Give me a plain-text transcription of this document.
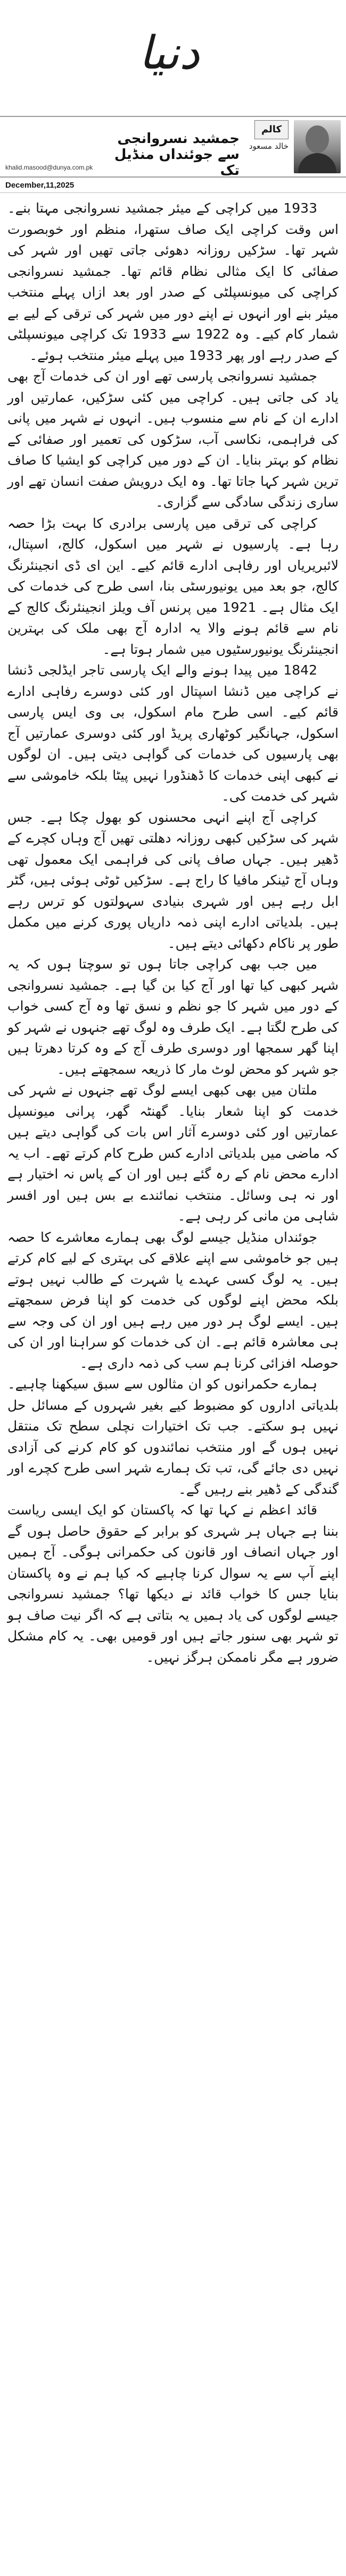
دنیا
کالم
خالد مسعود
جمشید نسروانجی سے جوئنداں منڈیل تک
khalid.masood@dunya.com.pk
December,11,2025

1933 میں کراچی کے میئر جمشید نسروانجی مہتا بنے۔ اس وقت کراچی ایک صاف ستھرا، منظم اور خوبصورت شہر تھا۔ سڑکیں روزانہ دھوئی جاتی تھیں اور شہر کی صفائی کا ایک مثالی نظام قائم تھا۔ جمشید نسروانجی کراچی کی میونسپلٹی کے صدر اور بعد ازاں پہلے منتخب میئر بنے اور انہوں نے اپنے دور میں شہر کی ترقی کے لیے بے شمار کام کیے۔ وہ 1922 سے 1933 تک کراچی میونسپلٹی کے صدر رہے اور پھر 1933 میں پہلے میئر منتخب ہوئے۔

جمشید نسروانجی پارسی تھے اور ان کی خدمات آج بھی یاد کی جاتی ہیں۔ کراچی میں کئی سڑکیں، عمارتیں اور ادارے ان کے نام سے منسوب ہیں۔ انہوں نے شہر میں پانی کی فراہمی، نکاسی آب، سڑکوں کی تعمیر اور صفائی کے نظام کو بہتر بنایا۔ ان کے دور میں کراچی کو ایشیا کا صاف ترین شہر کہا جاتا تھا۔ وہ ایک درویش صفت انسان تھے اور ساری زندگی سادگی سے گزاری۔

کراچی کی ترقی میں پارسی برادری کا بہت بڑا حصہ رہا ہے۔ پارسیوں نے شہر میں اسکول، کالج، اسپتال، لائبریریاں اور رفاہی ادارے قائم کیے۔ این ای ڈی انجینئرنگ کالج، جو بعد میں یونیورسٹی بنا، اسی طرح کی خدمات کی ایک مثال ہے۔ 1921 میں پرنس آف ویلز انجینئرنگ کالج کے نام سے قائم ہونے والا یہ ادارہ آج بھی ملک کی بہترین انجینئرنگ یونیورسٹیوں میں شمار ہوتا ہے۔

1842 میں پیدا ہونے والے ایک پارسی تاجر ایڈلجی ڈنشا نے کراچی میں ڈنشا اسپتال اور کئی دوسرے رفاہی ادارے قائم کیے۔ اسی طرح مام اسکول، بی وی ایس پارسی اسکول، جہانگیر کوٹھاری پریڈ اور کئی دوسری عمارتیں آج بھی پارسیوں کی خدمات کی گواہی دیتی ہیں۔ ان لوگوں نے کبھی اپنی خدمات کا ڈھنڈورا نہیں پیٹا بلکہ خاموشی سے شہر کی خدمت کی۔

کراچی آج اپنے انہی محسنوں کو بھول چکا ہے۔ جس شہر کی سڑکیں کبھی روزانہ دھلتی تھیں آج وہاں کچرے کے ڈھیر ہیں۔ جہاں صاف پانی کی فراہمی ایک معمول تھی وہاں آج ٹینکر مافیا کا راج ہے۔ سڑکیں ٹوٹی ہوئی ہیں، گٹر ابل رہے ہیں اور شہری بنیادی سہولتوں کو ترس رہے ہیں۔ بلدیاتی ادارے اپنی ذمہ داریاں پوری کرنے میں مکمل طور پر ناکام دکھائی دیتے ہیں۔

میں جب بھی کراچی جاتا ہوں تو سوچتا ہوں کہ یہ شہر کبھی کیا تھا اور آج کیا بن گیا ہے۔ جمشید نسروانجی کے دور میں شہر کا جو نظم و نسق تھا وہ آج کسی خواب کی طرح لگتا ہے۔ ایک طرف وہ لوگ تھے جنہوں نے شہر کو اپنا گھر سمجھا اور دوسری طرف آج کے وہ کرتا دھرتا ہیں جو شہر کو محض لوٹ مار کا ذریعہ سمجھتے ہیں۔

ملتان میں بھی کبھی ایسے لوگ تھے جنہوں نے شہر کی خدمت کو اپنا شعار بنایا۔ گھنٹہ گھر، پرانی میونسپل عمارتیں اور کئی دوسرے آثار اس بات کی گواہی دیتے ہیں کہ ماضی میں بلدیاتی ادارے کس طرح کام کرتے تھے۔ اب یہ ادارے محض نام کے رہ گئے ہیں اور ان کے پاس نہ اختیار ہے اور نہ ہی وسائل۔ منتخب نمائندے بے بس ہیں اور افسر شاہی من مانی کر رہی ہے۔

جوئنداں منڈیل جیسے لوگ بھی ہمارے معاشرے کا حصہ ہیں جو خاموشی سے اپنے علاقے کی بہتری کے لیے کام کرتے ہیں۔ یہ لوگ کسی عہدے یا شہرت کے طالب نہیں ہوتے بلکہ محض اپنے لوگوں کی خدمت کو اپنا فرض سمجھتے ہیں۔ ایسے لوگ ہر دور میں رہے ہیں اور ان کی وجہ سے ہی معاشرہ قائم ہے۔ ان کی خدمات کو سراہنا اور ان کی حوصلہ افزائی کرنا ہم سب کی ذمہ داری ہے۔

ہمارے حکمرانوں کو ان مثالوں سے سبق سیکھنا چاہیے۔ بلدیاتی اداروں کو مضبوط کیے بغیر شہروں کے مسائل حل نہیں ہو سکتے۔ جب تک اختیارات نچلی سطح تک منتقل نہیں ہوں گے اور منتخب نمائندوں کو کام کرنے کی آزادی نہیں دی جائے گی، تب تک ہمارے شہر اسی طرح کچرے اور گندگی کے ڈھیر بنے رہیں گے۔

قائد اعظم نے کہا تھا کہ پاکستان کو ایک ایسی ریاست بننا ہے جہاں ہر شہری کو برابر کے حقوق حاصل ہوں گے اور جہاں انصاف اور قانون کی حکمرانی ہوگی۔ آج ہمیں اپنے آپ سے یہ سوال کرنا چاہیے کہ کیا ہم نے وہ پاکستان بنایا جس کا خواب قائد نے دیکھا تھا؟ جمشید نسروانجی جیسے لوگوں کی یاد ہمیں یہ بتاتی ہے کہ اگر نیت صاف ہو تو شہر بھی سنور جاتے ہیں اور قومیں بھی۔ یہ کام مشکل ضرور ہے مگر ناممکن ہرگز نہیں۔
